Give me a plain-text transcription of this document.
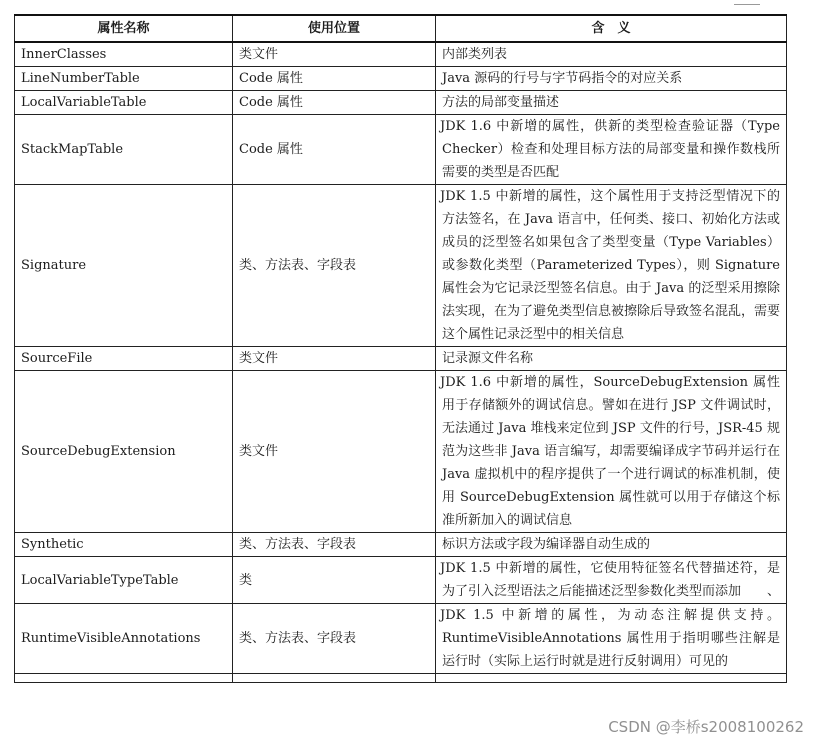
属性名称	使用位置	含　义
InnerClasses	类文件	内部类列表
LineNumberTable	Code 属性	Java 源码的行号与字节码指令的对应关系
LocalVariableTable	Code 属性	方法的局部变量描述
StackMapTable	Code 属性	JDK 1.6 中新增的属性，供新的类型检查验证器（Type Checker）检查和处理目标方法的局部变量和操作数栈所需要的类型是否匹配
Signature	类、方法表、字段表	JDK 1.5 中新增的属性，这个属性用于支持泛型情况下的方法签名，在 Java 语言中，任何类、接口、初始化方法或成员的泛型签名如果包含了类型变量（Type Variables）或参数化类型（Parameterized Types），则 Signature 属性会为它记录泛型签名信息。由于 Java 的泛型采用擦除法实现，在为了避免类型信息被擦除后导致签名混乱，需要这个属性记录泛型中的相关信息
SourceFile	类文件	记录源文件名称
SourceDebugExtension	类文件	JDK 1.6 中新增的属性，SourceDebugExtension 属性用于存储额外的调试信息。譬如在进行 JSP 文件调试时，无法通过 Java 堆栈来定位到 JSP 文件的行号，JSR-45 规范为这些非 Java 语言编写，却需要编译成字节码并运行在 Java 虚拟机中的程序提供了一个进行调试的标准机制，使用 SourceDebugExtension 属性就可以用于存储这个标准所新加入的调试信息
Synthetic	类、方法表、字段表	标识方法或字段为编译器自动生成的
LocalVariableTypeTable	类	JDK 1.5 中新增的属性，它使用特征签名代替描述符，是为了引入泛型语法之后能描述泛型参数化类型而添加　　、
RuntimeVisibleAnnotations	类、方法表、字段表	JDK 1.5 中新增的属性，为动态注解提供支持。RuntimeVisibleAnnotations 属性用于指明哪些注解是运行时（实际上运行时就是进行反射调用）可见的

CSDN @李桥s2008100262
